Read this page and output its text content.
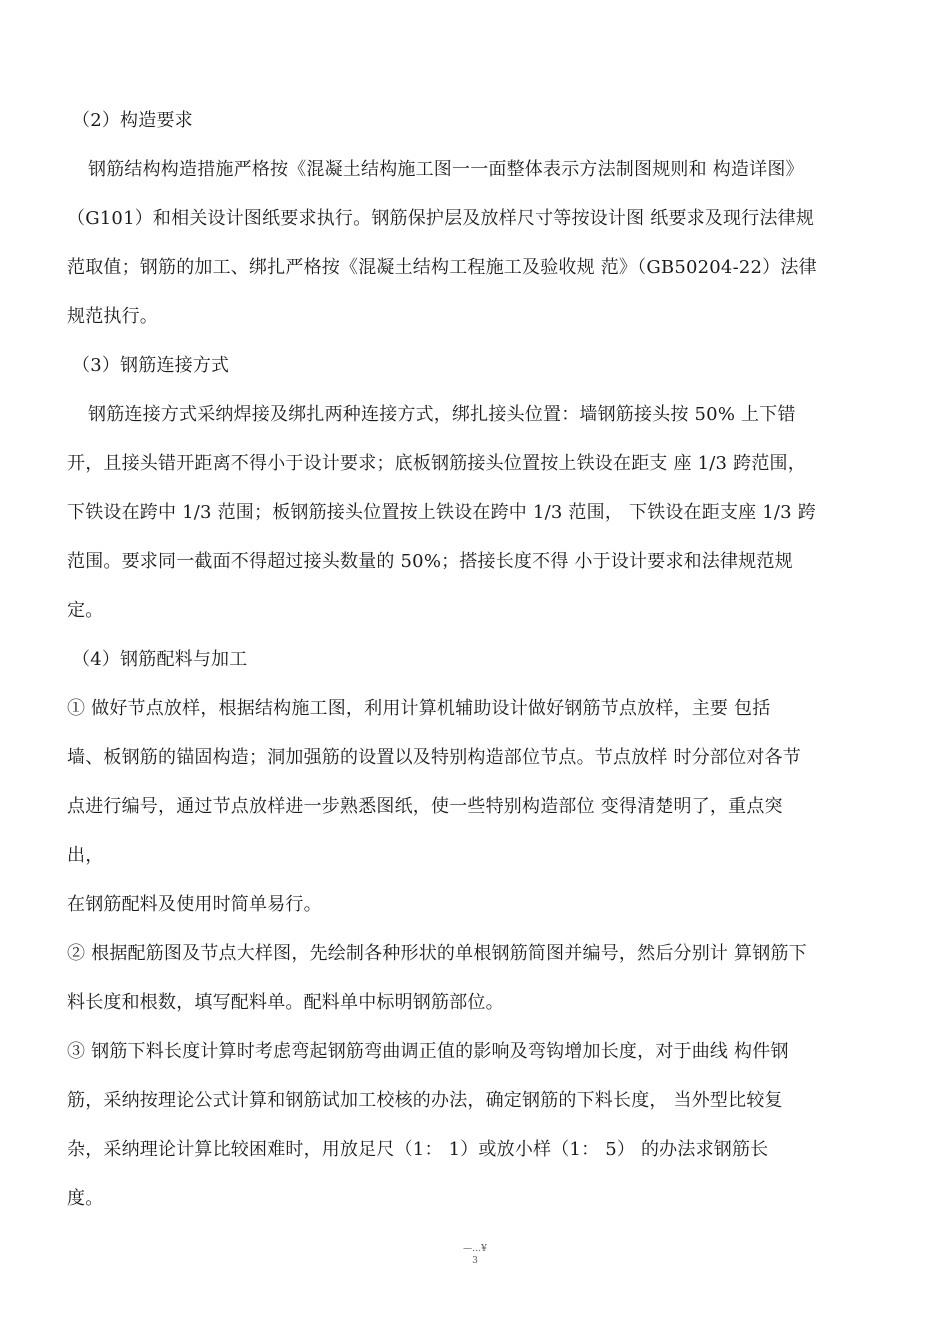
（2）构造要求
钢筋结构构造措施严格按《混凝土结构施工图一一面整体表示方法制图规则和 构造详图》
（G101）和相关设计图纸要求执行。钢筋保护层及放样尺寸等按设计图 纸要求及现行法律规
范取值；钢筋的加工、绑扎严格按《混凝土结构工程施工及验收规 范》（GB50204-22）法律
规范执行。
（3）钢筋连接方式
钢筋连接方式采纳焊接及绑扎两种连接方式，绑扎接头位置：墙钢筋接头按 50% 上下错
开，且接头错开距离不得小于设计要求；底板钢筋接头位置按上铁设在距支 座 1/3 跨范围，
下铁设在跨中 1/3 范围；板钢筋接头位置按上铁设在跨中 1/3 范围， 下铁设在距支座 1/3 跨
范围。要求同一截面不得超过接头数量的 50%；搭接长度不得 小于设计要求和法律规范规
定。
（4）钢筋配料与加工
① 做好节点放样，根据结构施工图，利用计算机辅助设计做好钢筋节点放样，主要 包括
墙、板钢筋的锚固构造；洞加强筋的设置以及特别构造部位节点。节点放样 时分部位对各节
点进行编号，通过节点放样进一步熟悉图纸，使一些特别构造部位 变得清楚明了，重点突
出，
在钢筋配料及使用时简单易行。
② 根据配筋图及节点大样图，先绘制各种形状的单根钢筋简图并编号，然后分别计 算钢筋下
料长度和根数，填写配料单。配料单中标明钢筋部位。
③ 钢筋下料长度计算时考虑弯起钢筋弯曲调正值的影响及弯钩增加长度，对于曲线 构件钢
筋，采纳按理论公式计算和钢筋试加工校核的办法，确定钢筋的下料长度， 当外型比较复
杂，采纳理论计算比较困难时，用放足尺（1： 1）或放小样（1： 5） 的办法求钢筋长
度。
—…¥
3
